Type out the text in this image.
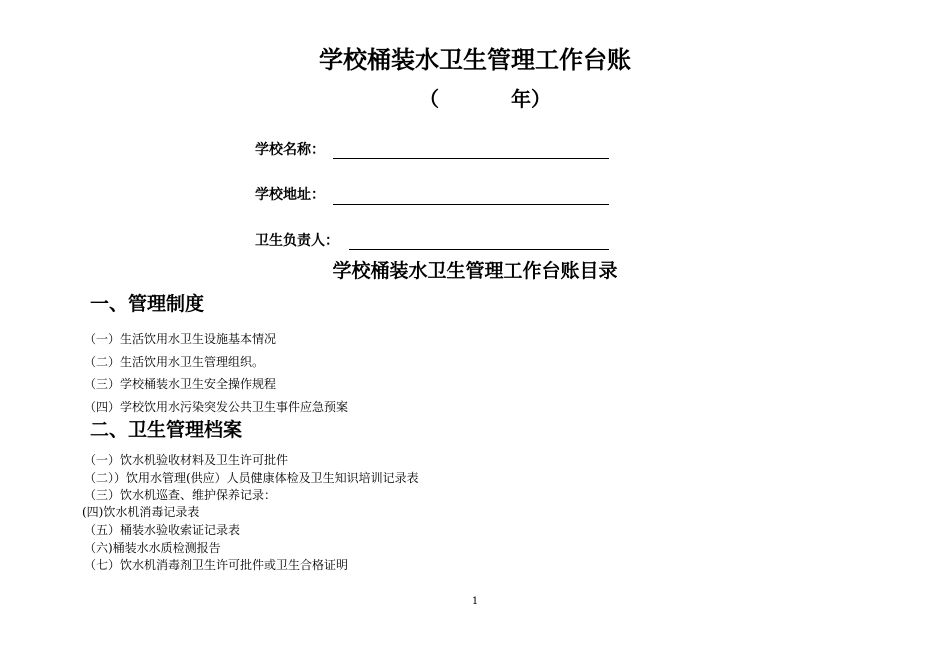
学校桶装水卫生管理工作台账
（	年）
学校名称：
学校地址：
卫生负责人：
学校桶装水卫生管理工作台账目录
一、管理制度
（一）生活饮用水卫生设施基本情况
（二）生活饮用水卫生管理组织。
（三）学校桶装水卫生安全操作规程
（四）学校饮用水污染突发公共卫生事件应急预案
二、卫生管理档案
（一）饮水机验收材料及卫生许可批件
（二））饮用水管理(供应）人员健康体检及卫生知识培训记录表
（三）饮水机巡查、维护保养记录：
(四)饮水机消毒记录表
（五）桶装水验收索证记录表
（六)桶装水水质检测报告
（七）饮水机消毒剂卫生许可批件或卫生合格证明
1
